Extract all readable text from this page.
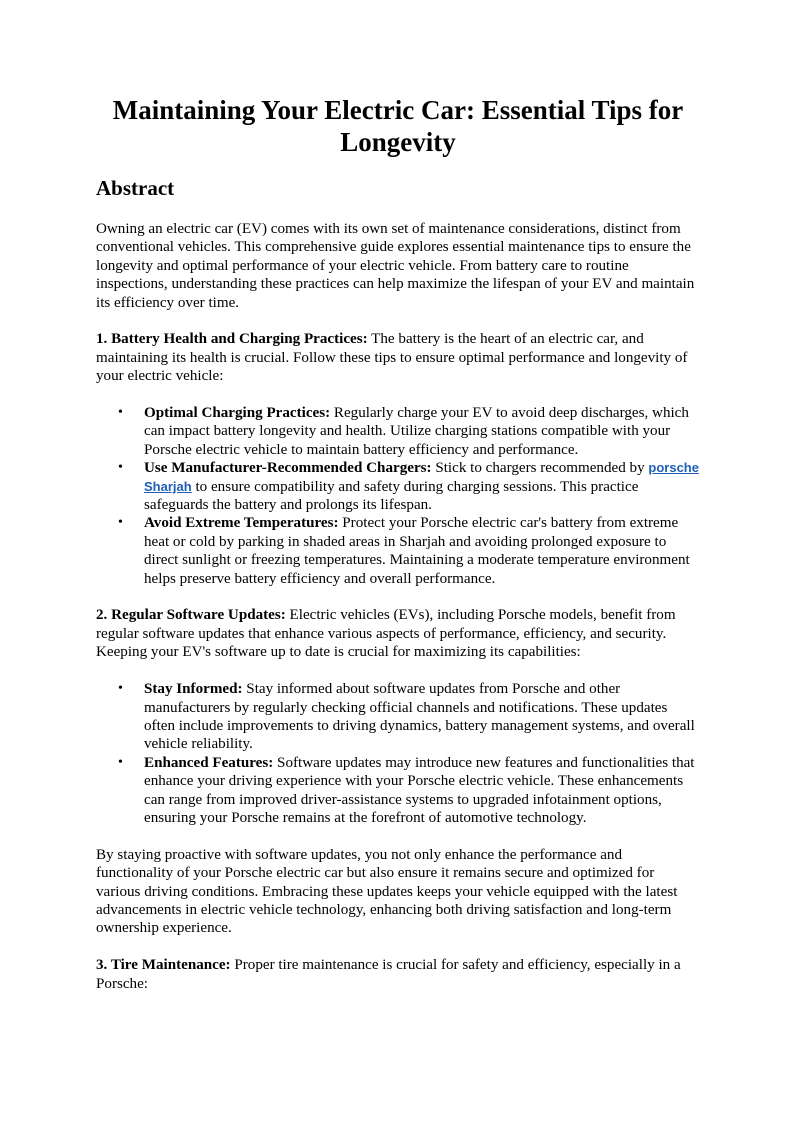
Maintaining Your Electric Car: Essential Tips for Longevity
Abstract

Owning an electric car (EV) comes with its own set of maintenance considerations, distinct from conventional vehicles. This comprehensive guide explores essential maintenance tips to ensure the longevity and optimal performance of your electric vehicle. From battery care to routine inspections, understanding these practices can help maximize the lifespan of your EV and maintain its efficiency over time.

1. Battery Health and Charging Practices: The battery is the heart of an electric car, and maintaining its health is crucial. Follow these tips to ensure optimal performance and longevity of your electric vehicle:

• Optimal Charging Practices: Regularly charge your EV to avoid deep discharges, which can impact battery longevity and health. Utilize charging stations compatible with your Porsche electric vehicle to maintain battery efficiency and performance.
• Use Manufacturer-Recommended Chargers: Stick to chargers recommended by porsche Sharjah to ensure compatibility and safety during charging sessions. This practice safeguards the battery and prolongs its lifespan.
• Avoid Extreme Temperatures: Protect your Porsche electric car's battery from extreme heat or cold by parking in shaded areas in Sharjah and avoiding prolonged exposure to direct sunlight or freezing temperatures. Maintaining a moderate temperature environment helps preserve battery efficiency and overall performance.

2. Regular Software Updates: Electric vehicles (EVs), including Porsche models, benefit from regular software updates that enhance various aspects of performance, efficiency, and security. Keeping your EV's software up to date is crucial for maximizing its capabilities:

• Stay Informed: Stay informed about software updates from Porsche and other manufacturers by regularly checking official channels and notifications. These updates often include improvements to driving dynamics, battery management systems, and overall vehicle reliability.
• Enhanced Features: Software updates may introduce new features and functionalities that enhance your driving experience with your Porsche electric vehicle. These enhancements can range from improved driver-assistance systems to upgraded infotainment options, ensuring your Porsche remains at the forefront of automotive technology.

By staying proactive with software updates, you not only enhance the performance and functionality of your Porsche electric car but also ensure it remains secure and optimized for various driving conditions. Embracing these updates keeps your vehicle equipped with the latest advancements in electric vehicle technology, enhancing both driving satisfaction and long-term ownership experience.

3. Tire Maintenance: Proper tire maintenance is crucial for safety and efficiency, especially in a Porsche:
